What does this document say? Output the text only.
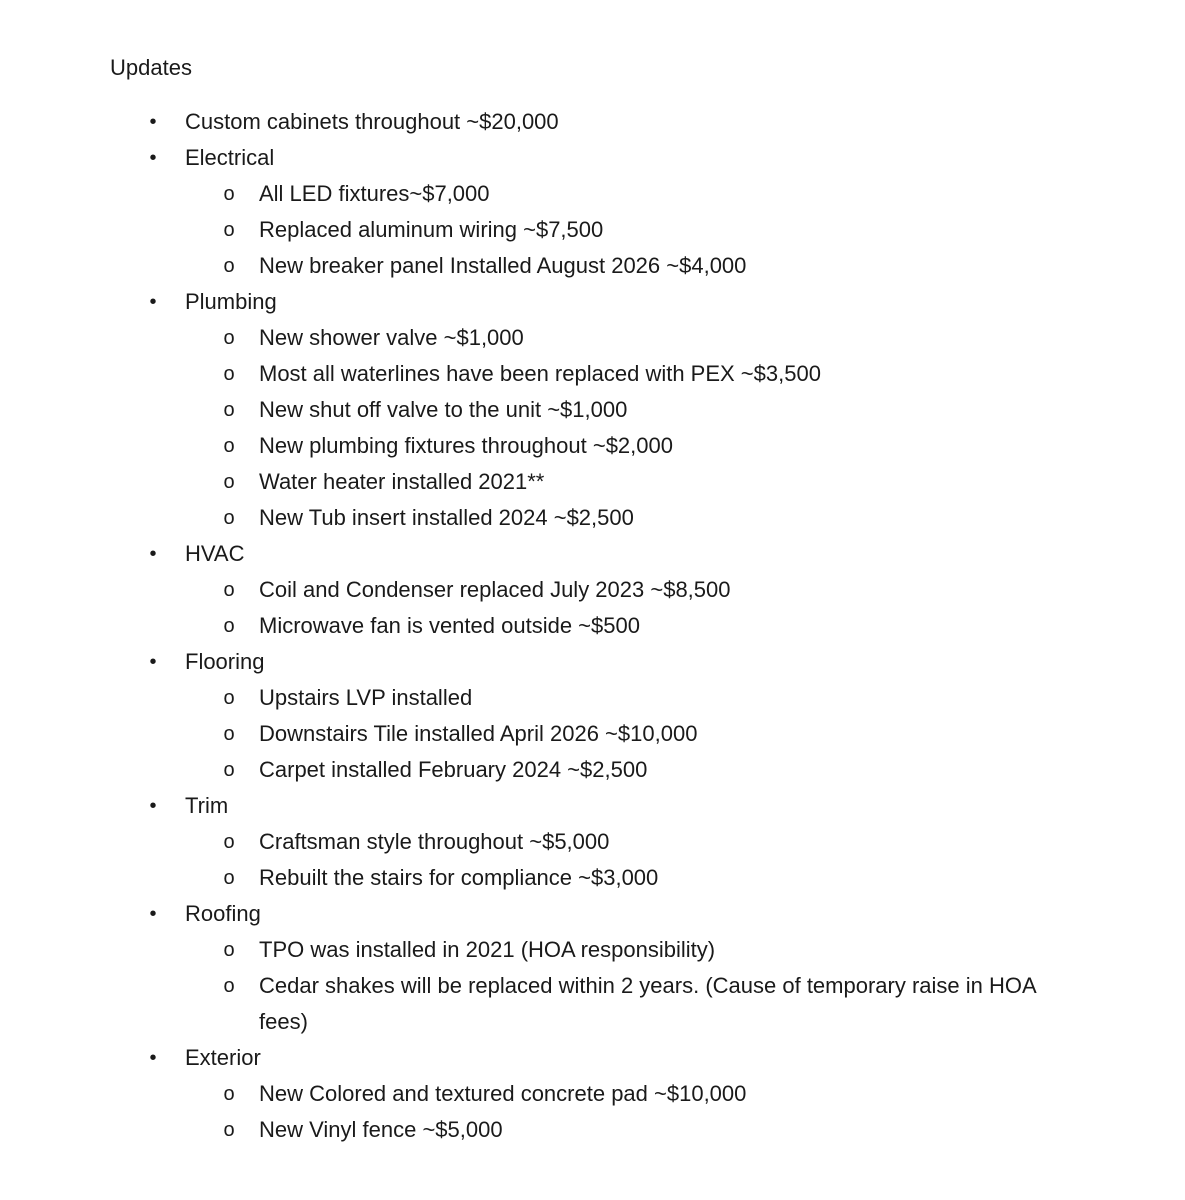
Updates
• Custom cabinets throughout ~$20,000
• Electrical
o All LED fixtures~$7,000
o Replaced aluminum wiring ~$7,500
o New breaker panel Installed August 2026 ~$4,000
• Plumbing
o New shower valve ~$1,000
o Most all waterlines have been replaced with PEX ~$3,500
o New shut off valve to the unit ~$1,000
o New plumbing fixtures throughout ~$2,000
o Water heater installed 2021**
o New Tub insert installed 2024 ~$2,500
• HVAC
o Coil and Condenser replaced July 2023 ~$8,500
o Microwave fan is vented outside ~$500
• Flooring
o Upstairs LVP installed
o Downstairs Tile installed April 2026 ~$10,000
o Carpet installed February 2024 ~$2,500
• Trim
o Craftsman style throughout ~$5,000
o Rebuilt the stairs for compliance ~$3,000
• Roofing
o TPO was installed in 2021 (HOA responsibility)
o Cedar shakes will be replaced within 2 years. (Cause of temporary raise in HOA fees)
• Exterior
o New Colored and textured concrete pad ~$10,000
o New Vinyl fence ~$5,000
